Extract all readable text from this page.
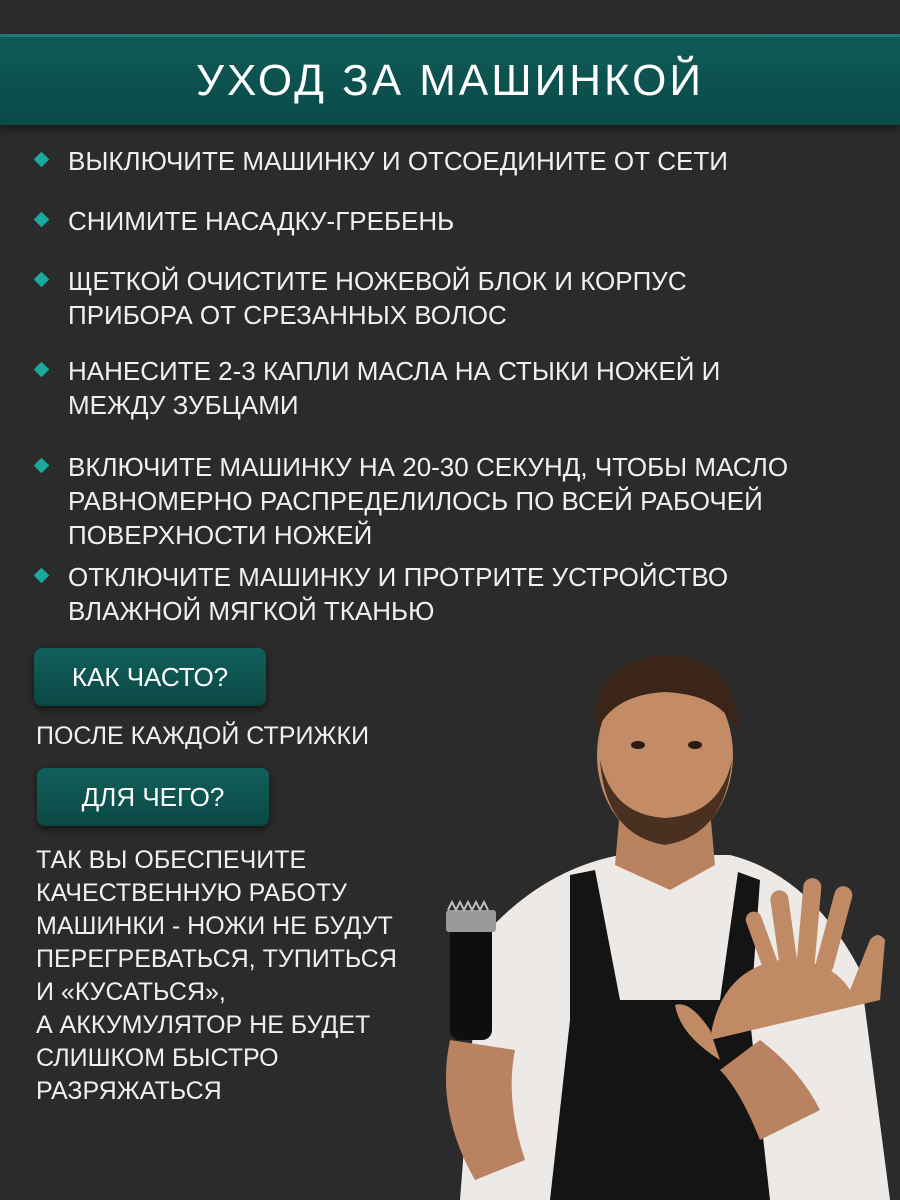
УХОД ЗА МАШИНКОЙ
ВЫКЛЮЧИТЕ МАШИНКУ И ОТСОЕДИНИТЕ ОТ СЕТИ
СНИМИТЕ НАСАДКУ-ГРЕБЕНЬ
ЩЕТКОЙ ОЧИСТИТЕ НОЖЕВОЙ БЛОК И КОРПУС ПРИБОРА ОТ СРЕЗАННЫХ ВОЛОС
НАНЕСИТЕ 2-3 КАПЛИ МАСЛА НА СТЫКИ НОЖЕЙ И МЕЖДУ ЗУБЦАМИ
ВКЛЮЧИТЕ МАШИНКУ НА 20-30 СЕКУНД, ЧТОБЫ МАСЛО РАВНОМЕРНО РАСПРЕДЕЛИЛОСЬ ПО ВСЕЙ РАБОЧЕЙ ПОВЕРХНОСТИ НОЖЕЙ
ОТКЛЮЧИТЕ МАШИНКУ И ПРОТРИТЕ УСТРОЙСТВО ВЛАЖНОЙ МЯГКОЙ ТКАНЬЮ
КАК ЧАСТО?
ПОСЛЕ КАЖДОЙ СТРИЖКИ
ДЛЯ ЧЕГО?
ТАК ВЫ ОБЕСПЕЧИТЕ
КАЧЕСТВЕННУЮ РАБОТУ
МАШИНКИ - НОЖИ НЕ БУДУТ
ПЕРЕГРЕВАТЬСЯ, ТУПИТЬСЯ
И «КУСАТЬСЯ»,
А АККУМУЛЯТОР НЕ БУДЕТ
СЛИШКОМ БЫСТРО
РАЗРЯЖАТЬСЯ
